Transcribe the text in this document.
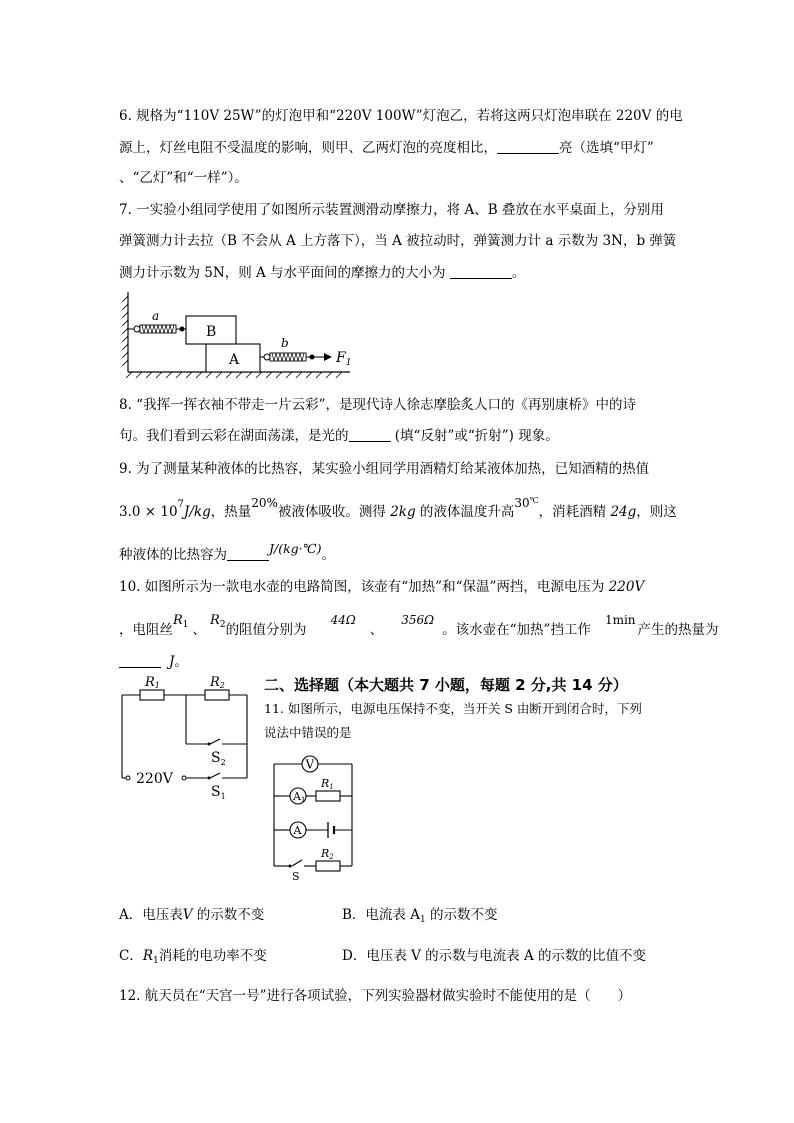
6. 规格为“110V 25W”的灯泡甲和“220V 100W”灯泡乙，若将这两只灯泡串联在 220V 的电
源上，灯丝电阻不受温度的影响，则甲、乙两灯泡的亮度相比，	亮（选填“甲灯”
、“乙灯”和“一样”）。
7. 一实验小组同学使用了如图所示装置测滑动摩擦力，将 A、B 叠放在水平桌面上，分别用
弹簧测力计去拉（B 不会从 A 上方落下），当 A 被拉动时，弹簧测力计 a 示数为 3N，b 弹簧
测力计示数为 5N，则 A 与水平面间的摩擦力的大小为	。
A
B
a
b
$F_1$
8. “我挥一挥衣袖不带走一片云彩”，是现代诗人徐志摩脍炙人口的《再别康桥》中的诗
句。我们看到云彩在湖面荡漾，是光的	(填“反射”或“折射”) 现象。
9. 为了测量某种液体的比热容，某实验小组同学用酒精灯给某液体加热，已知酒精的热值
$3.0 \times 10^7J/kg$，热量20%被液体吸收。测得 2kg 的液体温度升高30℃，消耗酒精 24g，则这
种液体的比热容为	J/(kg·℃)。
10. 如图所示为一款电水壶的电路简图，该壶有“加热”和“保温”两挡，电源电压为 220V
，电阻丝$R_1$ 、$R_2$的阻值分别为44Ω、356Ω。该水壶在“加热”挡工作1min产生的热量为
J。
R1	R2
$S_2$
220V
$S_1$
二、选择题（本大题共 7 小题，每题 2 分,共 14 分）
11. 如图所示，电源电压保持不变，当开关 S 由断开到闭合时，下列
说法中错误的是
V
A1
A
R1
R2
S
A．电压表V 的示数不变	B．电流表 $A_1$ 的示数不变
C．$R_1$消耗的电功率不变	D．电压表 V 的示数与电流表 A 的示数的比值不变
12. 航天员在“天宫一号”进行各项试验，下列实验器材做实验时不能使用的是（　　）
